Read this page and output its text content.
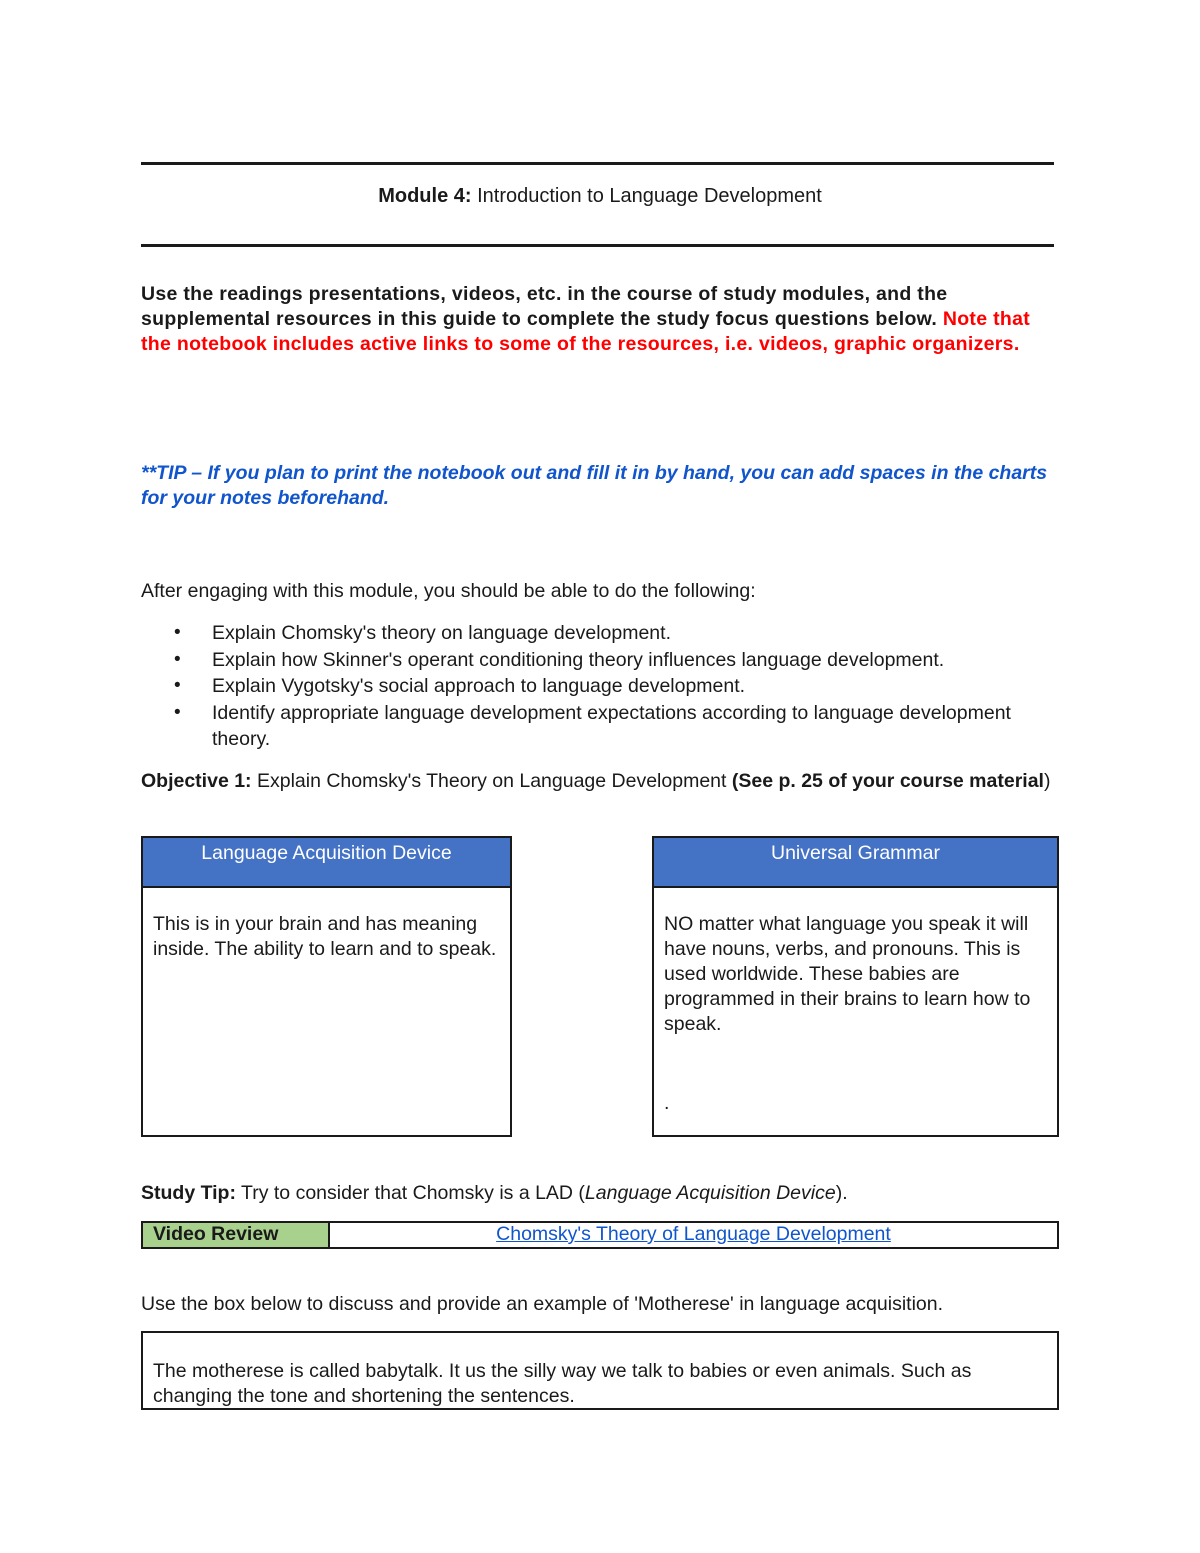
Module 4: Introduction to Language Development
Use the readings presentations, videos, etc. in the course of study modules, and the supplemental resources in this guide to complete the study focus questions below. Note that the notebook includes active links to some of the resources, i.e. videos, graphic organizers.
**TIP – If you plan to print the notebook out and fill it in by hand, you can add spaces in the charts for your notes beforehand.
After engaging with this module, you should be able to do the following:
• Explain Chomsky's theory on language development.
• Explain how Skinner's operant conditioning theory influences language development.
• Explain Vygotsky's social approach to language development.
• Identify appropriate language development expectations according to language development theory.
Objective 1: Explain Chomsky's Theory on Language Development (See p. 25 of your course material)
Language Acquisition Device
This is in your brain and has meaning inside. The ability to learn and to speak.
Universal Grammar
NO matter what language you speak it will have nouns, verbs, and pronouns. This is used worldwide. These babies are programmed in their brains to learn how to speak.
.
Study Tip: Try to consider that Chomsky is a LAD (Language Acquisition Device).
Video Review	Chomsky's Theory of Language Development
Use the box below to discuss and provide an example of 'Motherese' in language acquisition.
The motherese is called babytalk. It us the silly way we talk to babies or even animals. Such as changing the tone and shortening the sentences.
